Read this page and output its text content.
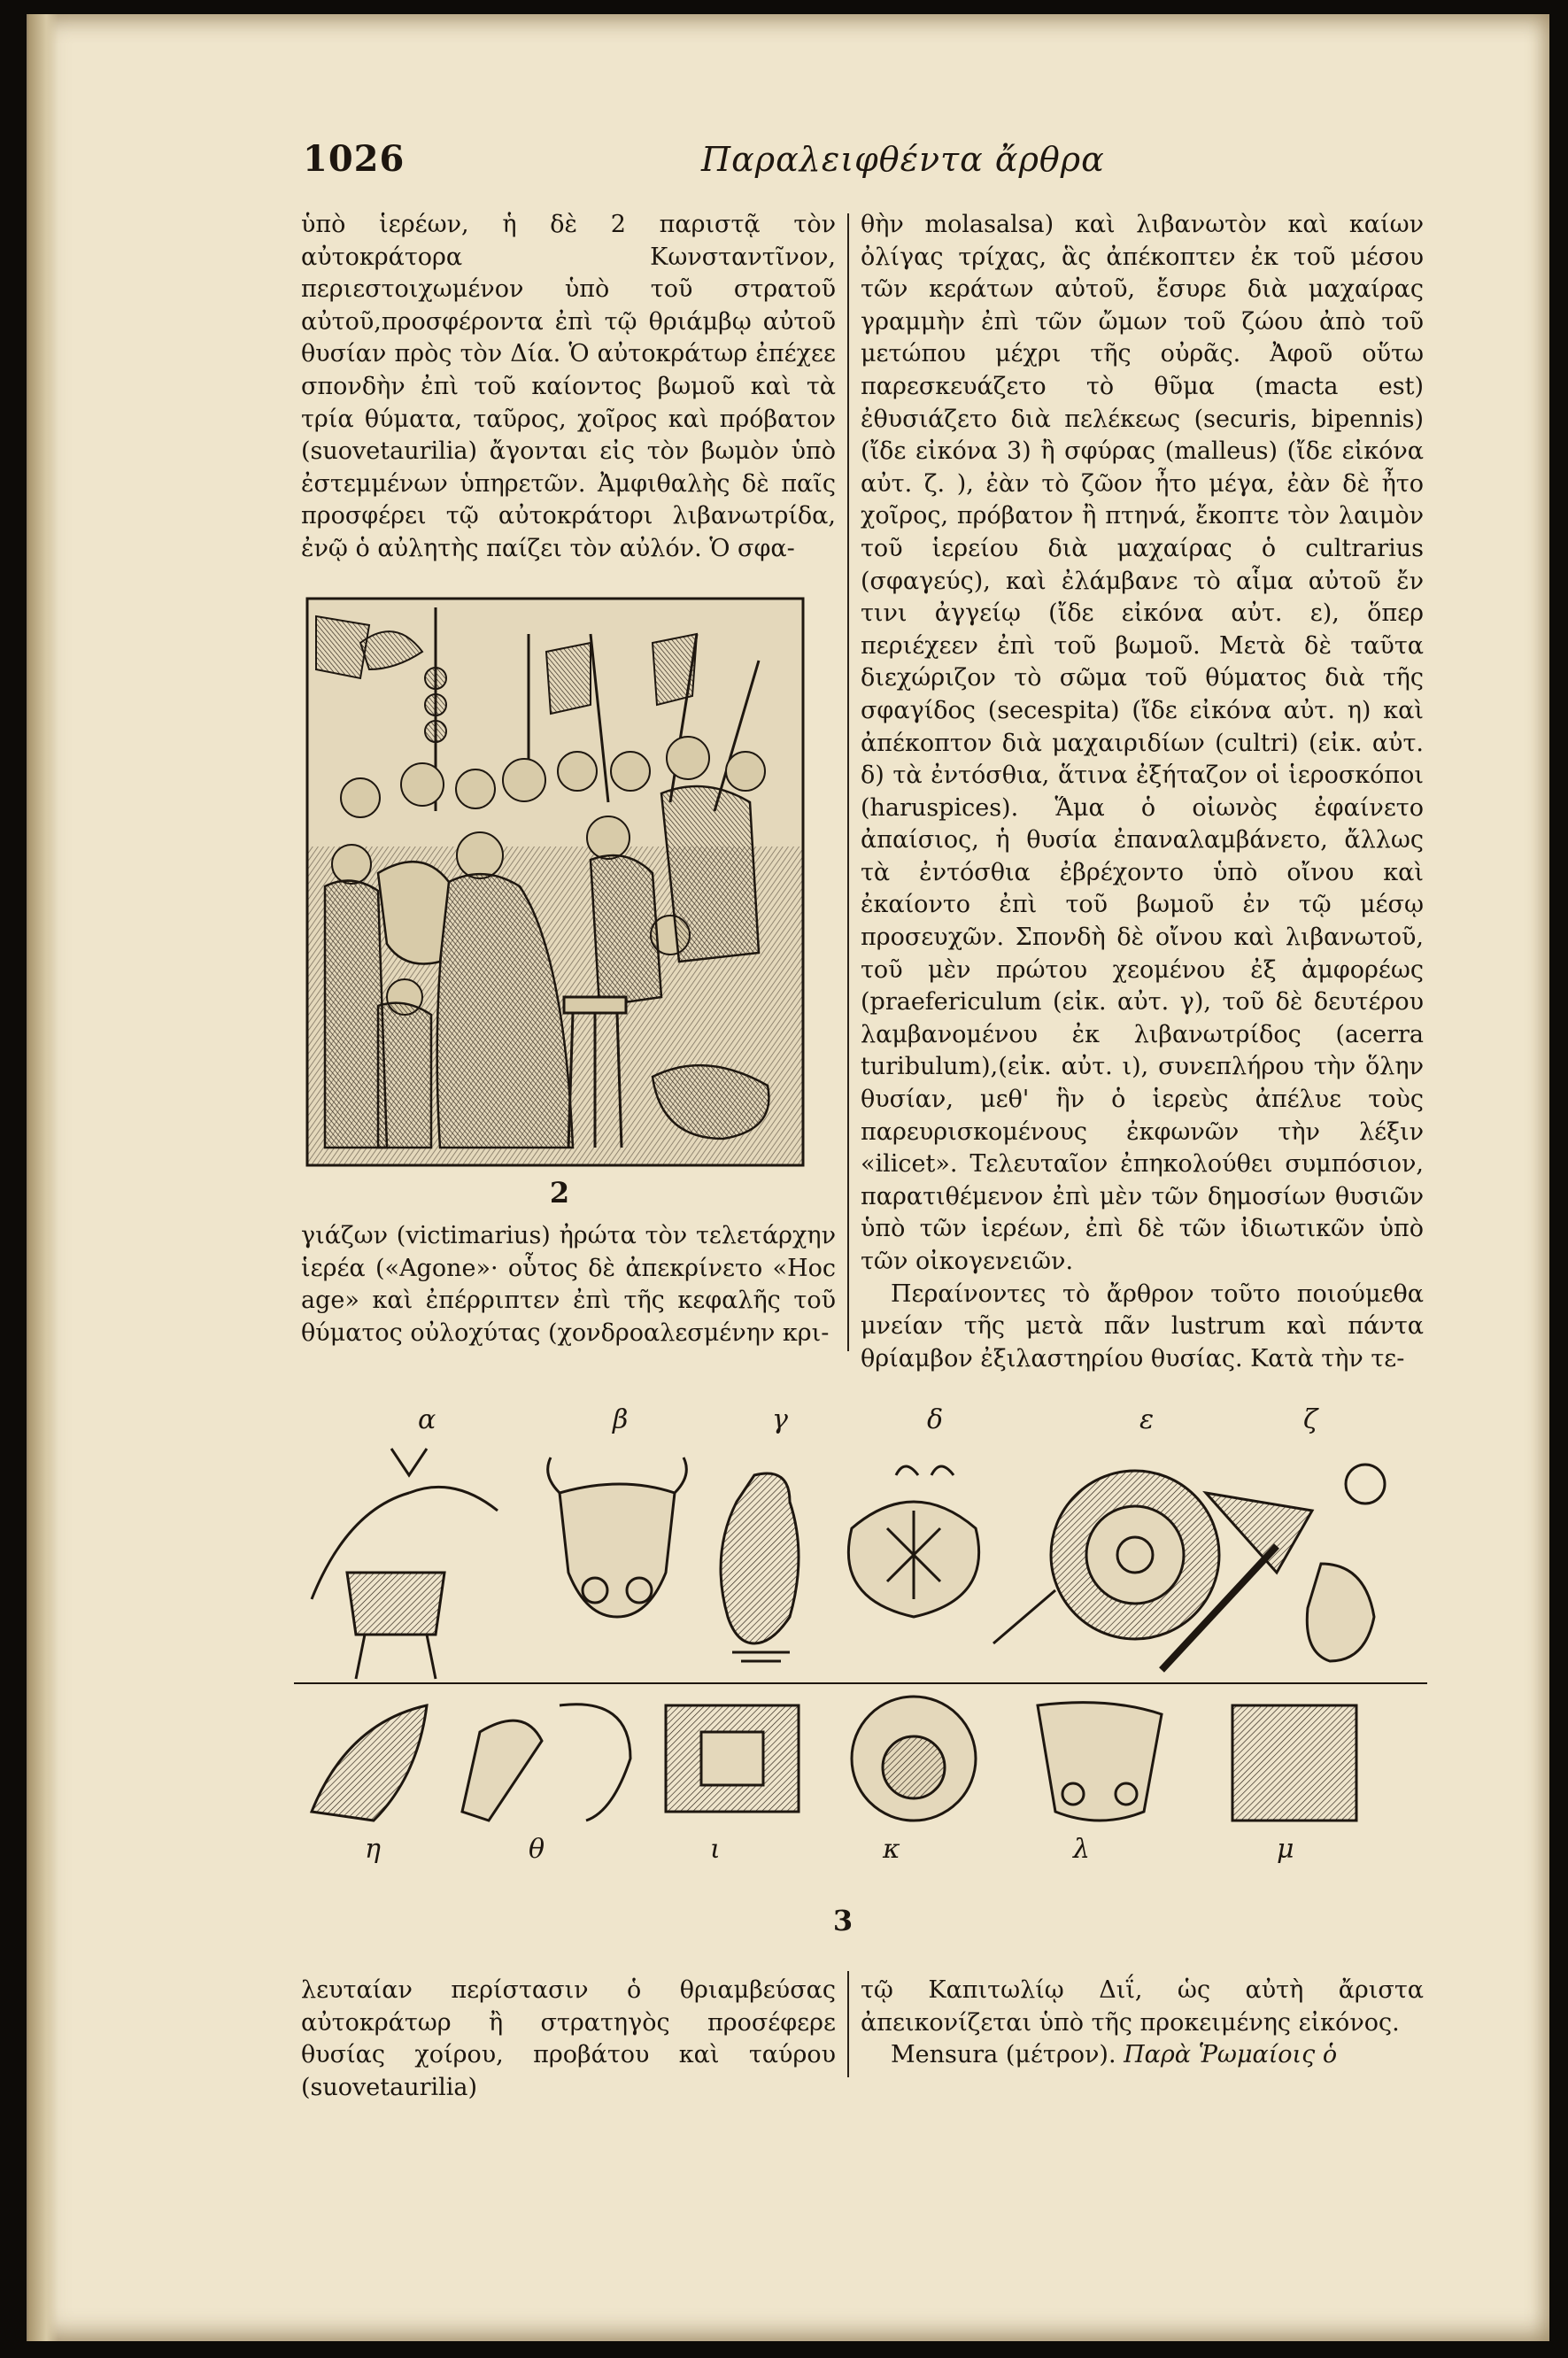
1026	Παραλειφθέντα ἄρθρα

ὑπὸ ἱερέων, ἡ δὲ 2 παριστᾷ τὸν αὐτοκράτορα Κωνσταντῖνον, περιεστοιχωμένον ὑπὸ τοῦ στρατοῦ αὐτοῦ,προσφέροντα ἐπὶ τῷ θριάμβῳ αὐτοῦ θυσίαν πρὸς τὸν Δία. Ὁ αὐτοκράτωρ ἐπέχεε σπονδὴν ἐπὶ τοῦ καίοντος βωμοῦ καὶ τὰ τρία θύματα, ταῦρος, χοῖρος καὶ πρόβατον (suovetaurilia) ἄγονται εἰς τὸν βωμὸν ὑπὸ ἐστεμμένων ὑπηρετῶν. Ἀμφιθαλὴς δὲ παῖς προσφέρει τῷ αὐτοκράτορι λιβανωτρίδα, ἐνῷ ὁ αὐλητὴς παίζει τὸν αὐλόν. Ὁ σφα-

2

γιάζων (victimarius) ἠρώτα τὸν τελετάρχην ἱερέα («Agone»· οὗτος δὲ ἀπεκρίνετο «Hoc age» καὶ ἐπέρριπτεν ἐπὶ τῆς κεφαλῆς τοῦ θύματος οὐλοχύτας (χονδροαλεσμένην κρι-

θὴν molasalsa) καὶ λιβανωτὸν καὶ καίων ὀλίγας τρίχας, ἃς ἀπέκοπτεν ἐκ τοῦ μέσου τῶν κεράτων αὐτοῦ, ἔσυρε διὰ μαχαίρας γραμμὴν ἐπὶ τῶν ὤμων τοῦ ζώου ἀπὸ τοῦ μετώπου μέχρι τῆς οὐρᾶς. Ἀφοῦ οὕτω παρεσκευάζετο τὸ θῦμα (macta est) ἐθυσιάζετο διὰ πελέκεως (securis, bipennis) (ἴδε εἰκόνα 3) ἢ σφύρας (malleus) (ἴδε εἰκόνα αὐτ. ζ. ), ἐὰν τὸ ζῶον ἦτο μέγα, ἐὰν δὲ ἦτο χοῖρος, πρόβατον ἢ πτηνά, ἔκοπτε τὸν λαιμὸν τοῦ ἱερείου διὰ μαχαίρας ὁ cultrarius (σφαγεύς), καὶ ἐλάμβανε τὸ αἷμα αὐτοῦ ἔν τινι ἀγγείῳ (ἴδε εἰκόνα αὐτ. ε), ὅπερ περιέχεεν ἐπὶ τοῦ βωμοῦ. Μετὰ δὲ ταῦτα διεχώριζον τὸ σῶμα τοῦ θύματος διὰ τῆς σφαγίδος (secespita) (ἴδε εἰκόνα αὐτ. η) καὶ ἀπέκοπτον διὰ μαχαιριδίων (cultri) (εἰκ. αὐτ. δ) τὰ ἐντόσθια, ἅτινα ἐξήταζον οἱ ἱεροσκόποι (haruspices). Ἅμα ὁ οἰωνὸς ἐφαίνετο ἀπαίσιος, ἡ θυσία ἐπαναλαμβάνετο, ἄλλως τὰ ἐντόσθια ἐβρέχοντο ὑπὸ οἴνου καὶ ἐκαίοντο ἐπὶ τοῦ βωμοῦ ἐν τῷ μέσῳ προσευχῶν. Σπονδὴ δὲ οἴνου καὶ λιβανωτοῦ, τοῦ μὲν πρώτου χεομένου ἐξ ἀμφορέως (praefericulum (εἰκ. αὐτ. γ), τοῦ δὲ δευτέρου λαμβανομένου ἐκ λιβανωτρίδος (acerra turibulum),(εἰκ. αὐτ. ι), συνεπλήρου τὴν ὅλην θυσίαν, μεθ' ἣν ὁ ἱερεὺς ἀπέλυε τοὺς παρευρισκομένους ἐκφωνῶν τὴν λέξιν «ilicet». Τελευταῖον ἐπηκολούθει συμπόσιον, παρατιθέμενον ἐπὶ μὲν τῶν δημοσίων θυσιῶν ὑπὸ τῶν ἱερέων, ἐπὶ δὲ τῶν ἰδιωτικῶν ὑπὸ τῶν οἰκογενειῶν.

Περαίνοντες τὸ ἄρθρον τοῦτο ποιούμεθα μνείαν τῆς μετὰ πᾶν lustrum καὶ πάντα θρίαμβον ἐξιλαστηρίου θυσίας. Κατὰ τὴν τε-

α	β	γ	δ	ε	ζ
η	θ	ι	κ	λ	μ
3

λευταίαν περίστασιν ὁ θριαμβεύσας αὐτοκράτωρ ἢ στρατηγὸς προσέφερε θυσίας χοίρου, προβάτου καὶ ταύρου (suovetaurilia)

τῷ Καπιτωλίῳ Διΐ, ὡς αὐτὴ ἄριστα ἀπεικονίζεται ὑπὸ τῆς προκειμένης εἰκόνος.

Mensura (μέτρον). Παρὰ Ῥωμαίοις ὁ
